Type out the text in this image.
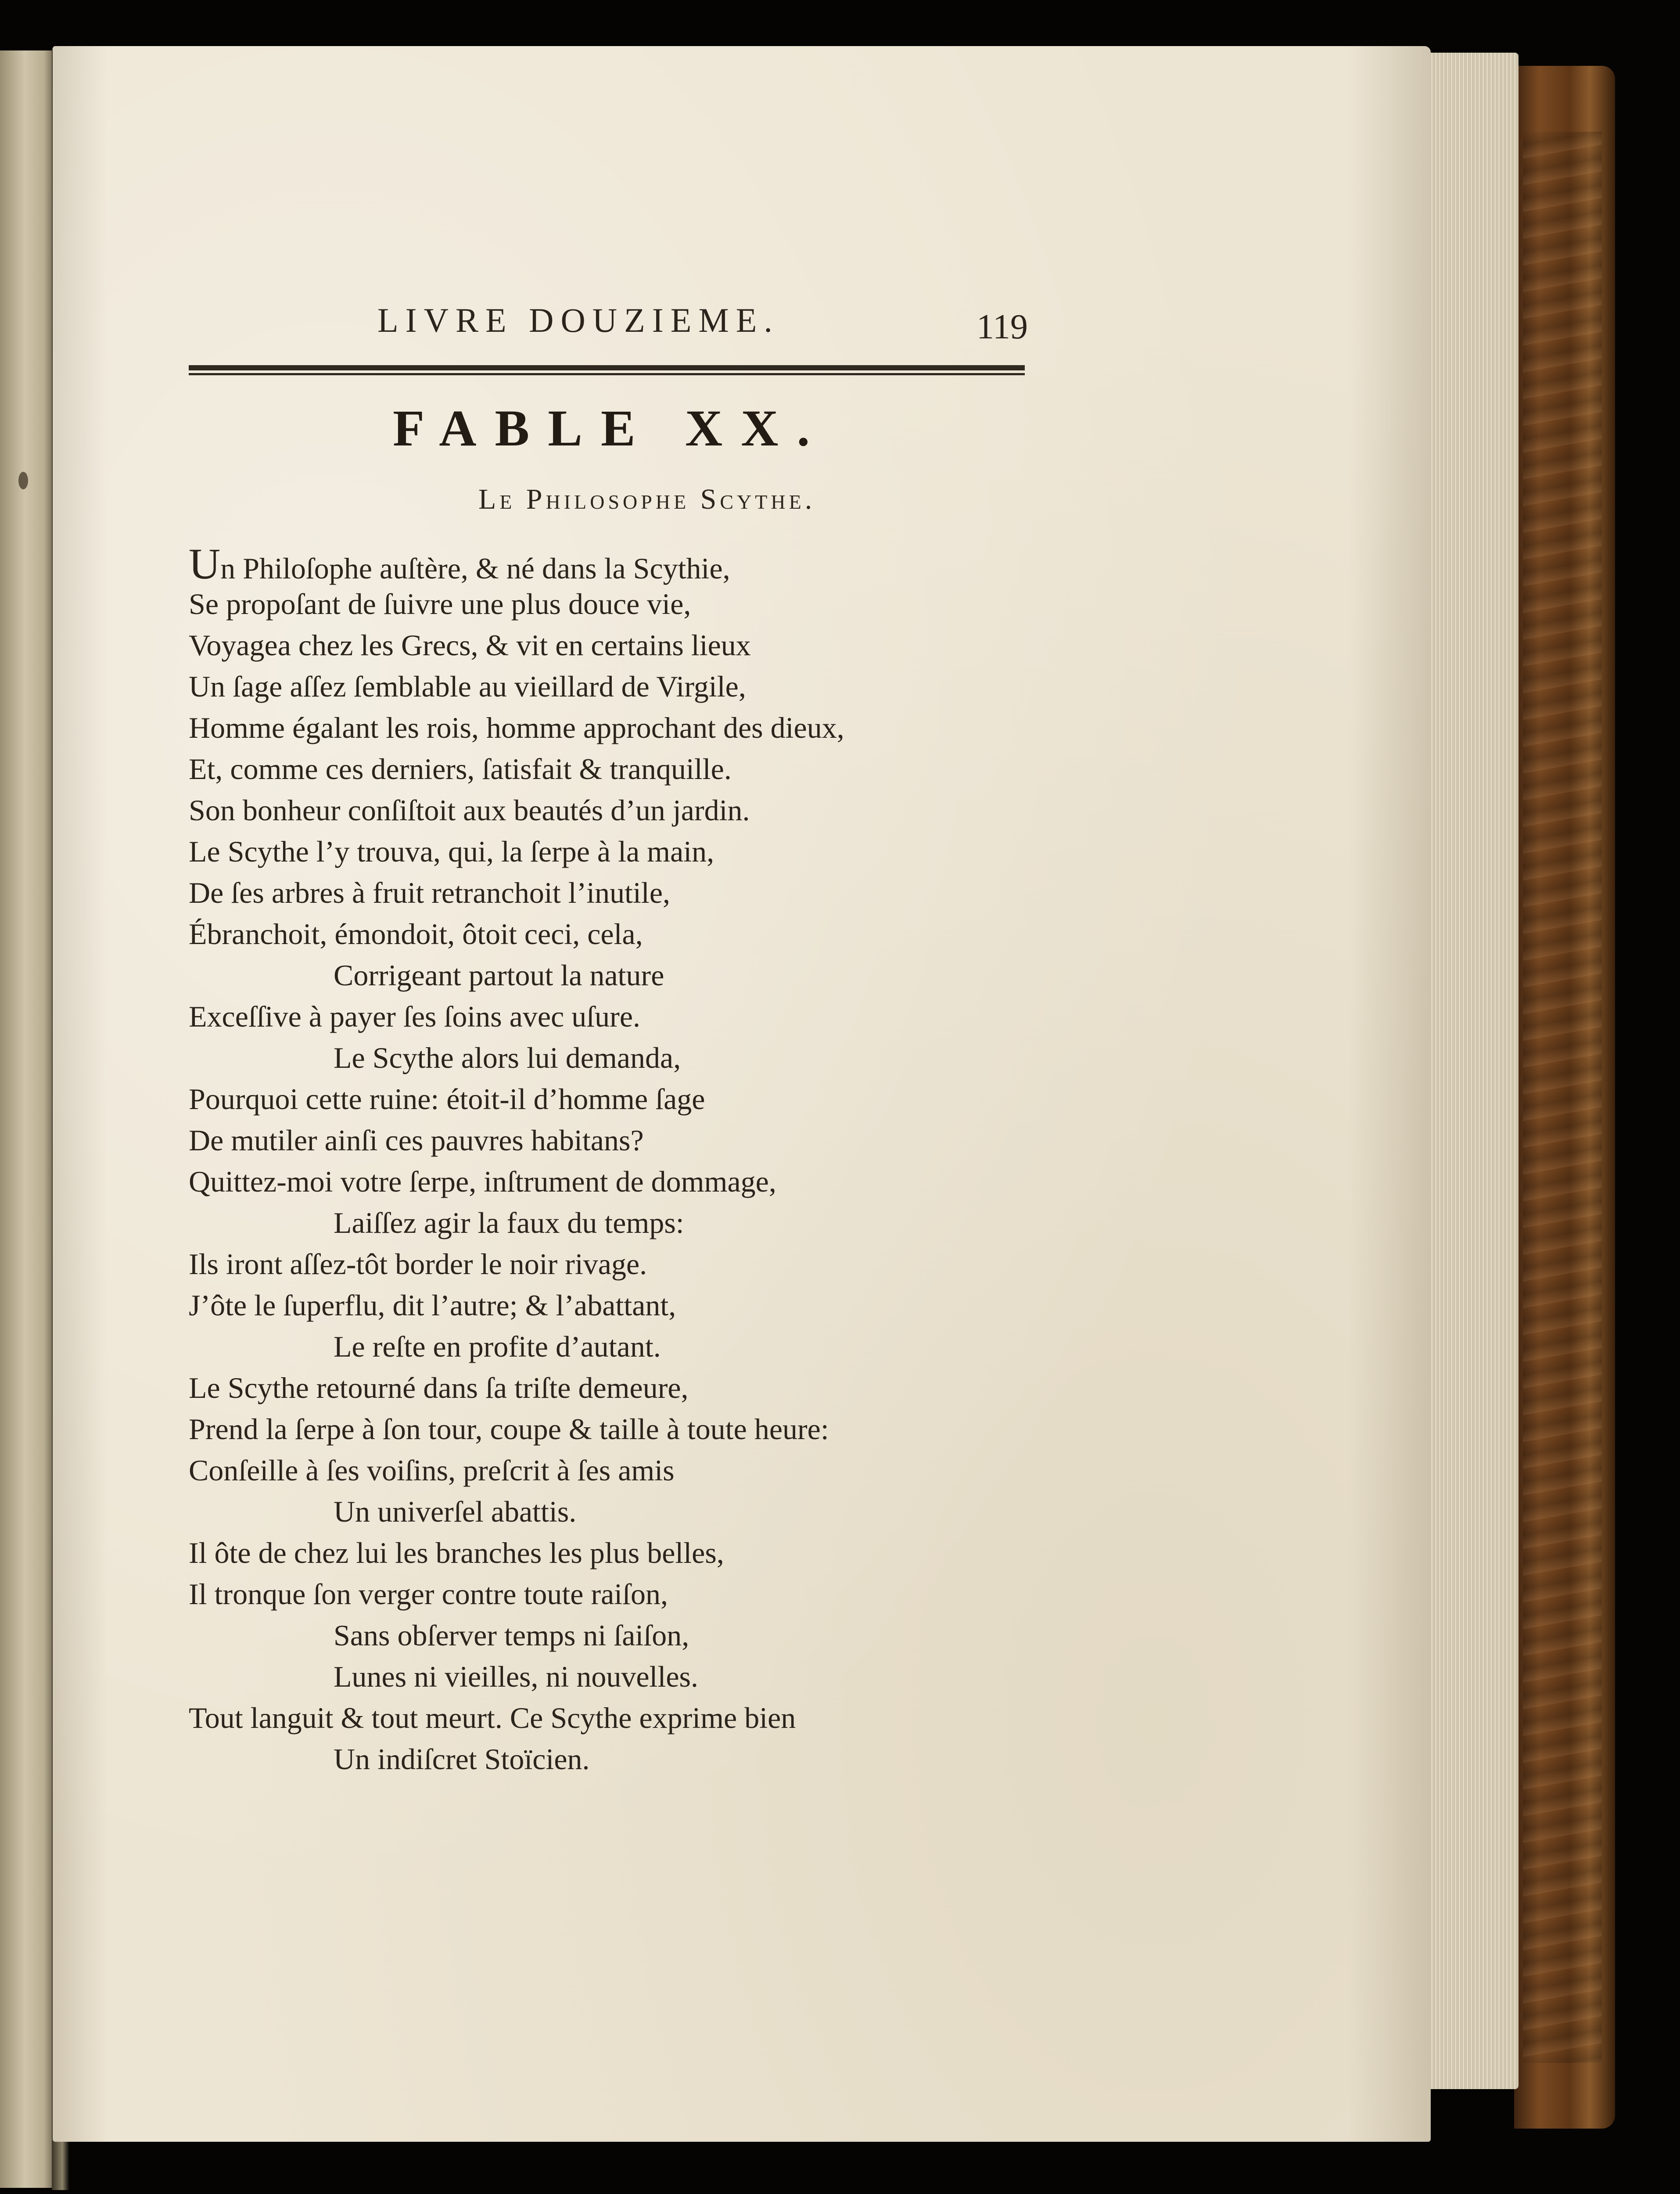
LIVRE DOUZIEME.	119
FABLE XX.
Le Philosophe Scythe.
Un Philoſophe auſtère, & né dans la Scythie,
Se propoſant de ſuivre une plus douce vie,
Voyagea chez les Grecs, & vit en certains lieux
Un ſage aſſez ſemblable au vieillard de Virgile,
Homme égalant les rois, homme approchant des dieux,
Et, comme ces derniers, ſatisfait & tranquille.
Son bonheur conſiſtoit aux beautés d’un jardin.
Le Scythe l’y trouva, qui, la ſerpe à la main,
De ſes arbres à fruit retranchoit l’inutile,
Ébranchoit, émondoit, ôtoit ceci, cela,
Corrigeant partout la nature
Exceſſive à payer ſes ſoins avec uſure.
Le Scythe alors lui demanda,
Pourquoi cette ruine: étoit-il d’homme ſage
De mutiler ainſi ces pauvres habitans?
Quittez-moi votre ſerpe, inſtrument de dommage,
Laiſſez agir la faux du temps:
Ils iront aſſez-tôt border le noir rivage.
J’ôte le ſuperflu, dit l’autre; & l’abattant,
Le reſte en profite d’autant.
Le Scythe retourné dans ſa triſte demeure,
Prend la ſerpe à ſon tour, coupe & taille à toute heure:
Conſeille à ſes voiſins, preſcrit à ſes amis
Un univerſel abattis.
Il ôte de chez lui les branches les plus belles,
Il tronque ſon verger contre toute raiſon,
Sans obſerver temps ni ſaiſon,
Lunes ni vieilles, ni nouvelles.
Tout languit & tout meurt. Ce Scythe exprime bien
Un indiſcret Stoïcien.
